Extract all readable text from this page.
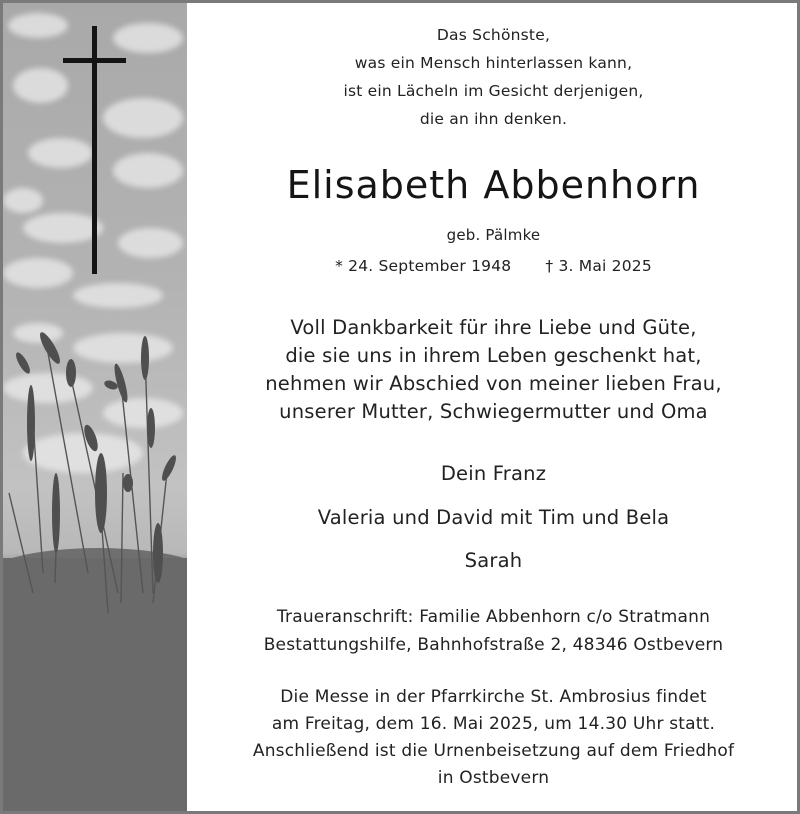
Das Schönste,
was ein Mensch hinterlassen kann,
ist ein Lächeln im Gesicht derjenigen,
die an ihn denken.
Elisabeth Abbenhorn
geb. Pälmke
* 24. September 1948 † 3. Mai 2025
Voll Dankbarkeit für ihre Liebe und Güte,
die sie uns in ihrem Leben geschenkt hat,
nehmen wir Abschied von meiner lieben Frau,
unserer Mutter, Schwiegermutter und Oma
Dein Franz
Valeria und David mit Tim und Bela
Sarah
Traueranschrift: Familie Abbenhorn c/o Stratmann
Bestattungshilfe, Bahnhofstraße 2, 48346 Ostbevern
Die Messe in der Pfarrkirche St. Ambrosius findet
am Freitag, dem 16. Mai 2025, um 14.30 Uhr statt.
Anschließend ist die Urnenbeisetzung auf dem Friedhof
in Ostbevern
